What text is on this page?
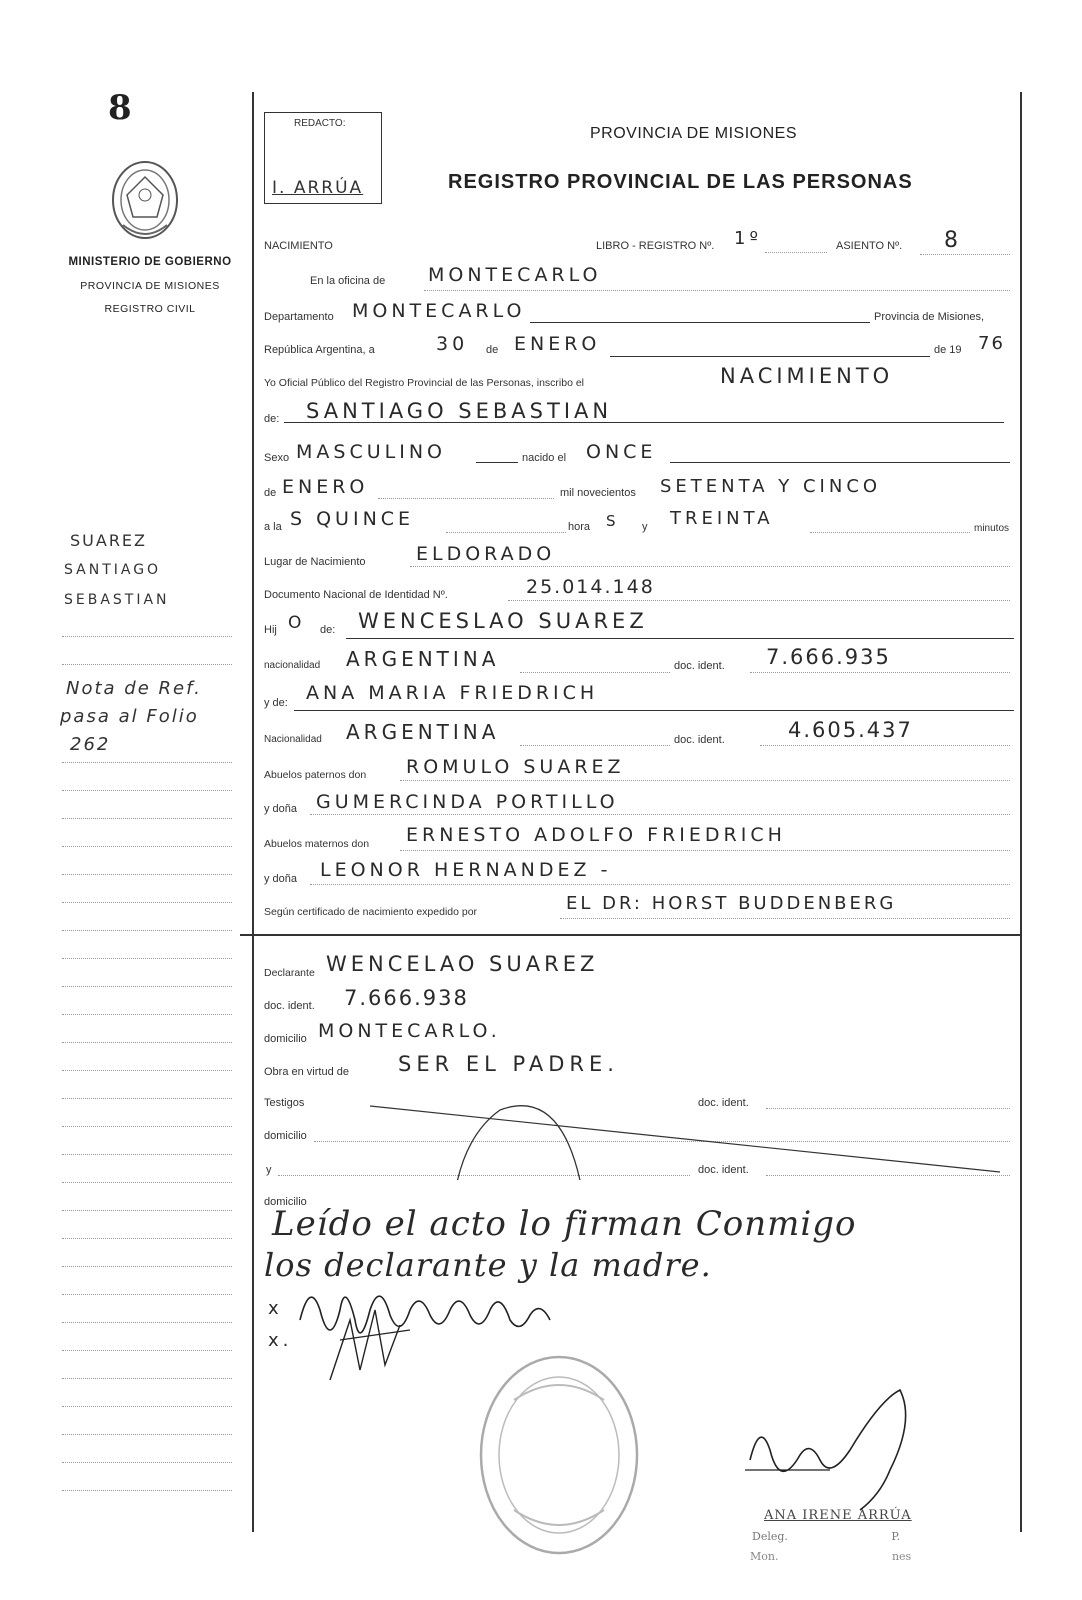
8
MINISTERIO DE GOBIERNO
PROVINCIA DE MISIONES
REGISTRO CIVIL
SUAREZ
SANTIAGO
SEBASTIAN
Nota de Ref.
pasa al Folio
262
REDACTO:
I. ARRÚA
PROVINCIA DE MISIONES
REGISTRO PROVINCIAL DE LAS PERSONAS
NACIMIENTO	LIBRO - REGISTRO Nº. 1º	ASIENTO Nº. 8
En la oficina de MONTECARLO
Departamento MONTECARLO	Provincia de Misiones,
República Argentina, a	30 de ENERO	de 19 76
Yo Oficial Público del Registro Provincial de las Personas, inscribo el	NACIMIENTO
de: SANTIAGO SEBASTIAN
Sexo MASCULINO	nacido el ONCE
de ENERO	mil novecientos SETENTA Y CINCO
a la S QUINCE	hora S y TREINTA	minutos
Lugar de Nacimiento	ELDORADO
Documento Nacional de Identidad Nº.	25.014.148
Hij O de: WENCESLAO SUAREZ
nacionalidad ARGENTINA	doc. ident. 7.666.935
y de: ANA MARIA FRIEDRICH
Nacionalidad ARGENTINA	doc. ident.	4.605.437
Abuelos paternos don ROMULO SUAREZ
y doña GUMERCINDA PORTILLO
Abuelos maternos don ERNESTO ADOLFO FRIEDRICH
y doña LEONOR HERNANDEZ -
Según certificado de nacimiento expedido por	EL DR: HORST BUDDENBERG
Declarante WENCELAO SUAREZ
doc. ident. 7.666.938
domicilio MONTECARLO.
Obra en virtud de SER EL PADRE.
Testigos	doc. ident.
domicilio
y	doc. ident.
domicilio
Leído el acto lo firman Conmigo
los declarante y la madre.
x
x.
ANA IRENE ARRÚA
Deleg. P.
Mon. nes
